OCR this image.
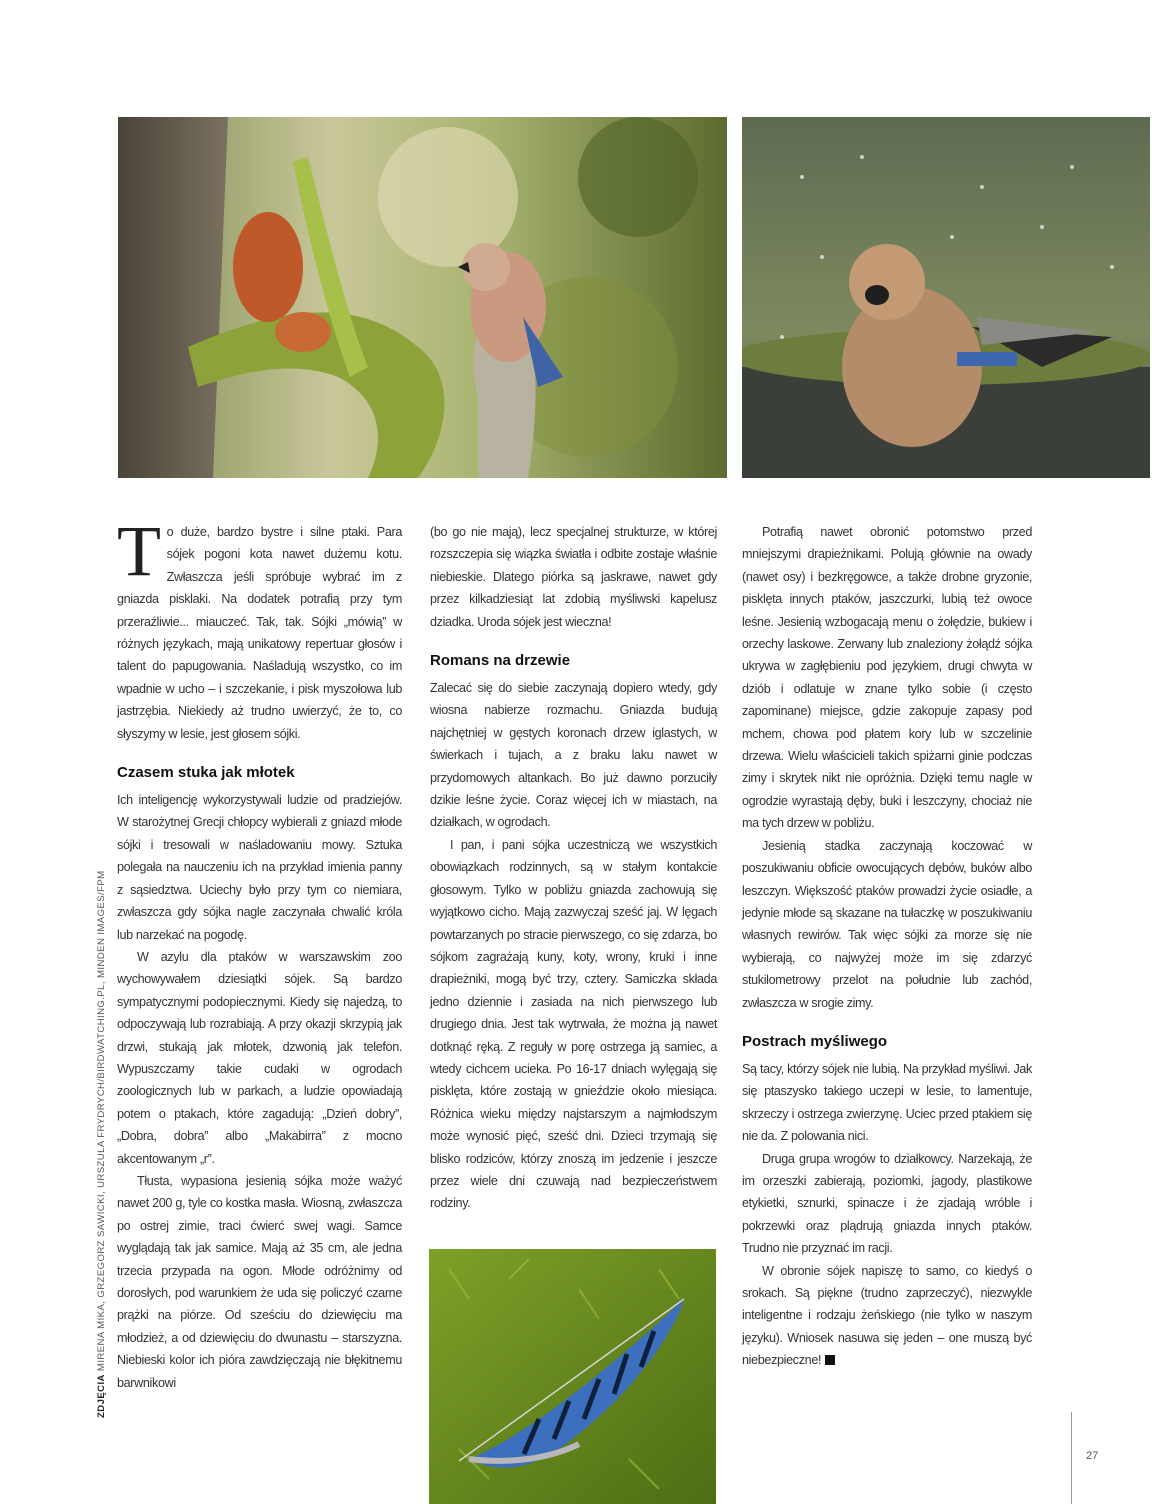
To duże, bardzo bystre i silne ptaki. Para sójek pogoni kota nawet dużemu kotu. Zwłaszcza jeśli spróbuje wybrać im z gniazda pisklaki. Na dodatek potrafią przy tym przeraźliwie... miauczeć. Tak, tak. Sójki „mówią” w różnych językach, mają unikatowy repertuar głosów i talent do papugowania. Naśladują wszystko, co im wpadnie w ucho – i szczekanie, i pisk myszołowa lub jastrzębia. Niekiedy aż trudno uwierzyć, że to, co słyszymy w lesie, jest głosem sójki.

Czasem stuka jak młotek

Ich inteligencję wykorzystywali ludzie od pradziejów. W starożytnej Grecji chłopcy wybierali z gniazd młode sójki i tresowali w naśladowaniu mowy. Sztuka polegała na nauczeniu ich na przykład imienia panny z sąsiedztwa. Uciechy było przy tym co niemiara, zwłaszcza gdy sójka nagle zaczynała chwalić króla lub narzekać na pogodę.

W azylu dla ptaków w warszawskim zoo wychowywałem dziesiątki sójek. Są bardzo sympatycznymi podopiecznymi. Kiedy się najedzą, to odpoczywają lub rozrabiają. A przy okazji skrzypią jak drzwi, stukają jak młotek, dzwonią jak telefon. Wypuszczamy takie cudaki w ogrodach zoologicznych lub w parkach, a ludzie opowiadają potem o ptakach, które zagadują: „Dzień dobry”, „Dobra, dobra” albo „Makabirra” z mocno akcentowanym „r”.

Tłusta, wypasiona jesienią sójka może ważyć nawet 200 g, tyle co kostka masła. Wiosną, zwłaszcza po ostrej zimie, traci ćwierć swej wagi. Samce wyglądają tak jak samice. Mają aż 35 cm, ale jedna trzecia przypada na ogon. Młode odróżnimy od dorosłych, pod warunkiem że uda się policzyć czarne prążki na piórze. Od sześciu do dziewięciu ma młodzież, a od dziewięciu do dwunastu – starszyzna. Niebieski kolor ich pióra zawdzięczają nie błękitnemu barwnikowi

(bo go nie mają), lecz specjalnej strukturze, w której rozszczepia się wiązka światła i odbite zostaje właśnie niebieskie. Dlatego piórka są jaskrawe, nawet gdy przez kilkadziesiąt lat zdobią myśliwski kapelusz dziadka. Uroda sójek jest wieczna!

Romans na drzewie

Zalecać się do siebie zaczynają dopiero wtedy, gdy wiosna nabierze rozmachu. Gniazda budują najchętniej w gęstych koronach drzew iglastych, w świerkach i tujach, a z braku laku nawet w przydomowych altankach. Bo już dawno porzuciły dzikie leśne życie. Coraz więcej ich w miastach, na działkach, w ogrodach.

I pan, i pani sójka uczestniczą we wszystkich obowiązkach rodzinnych, są w stałym kontakcie głosowym. Tylko w pobliżu gniazda zachowują się wyjątkowo cicho. Mają zazwyczaj sześć jaj. W lęgach powtarzanych po stracie pierwszego, co się zdarza, bo sójkom zagrażają kuny, koty, wrony, kruki i inne drapieżniki, mogą być trzy, cztery. Samiczka składa jedno dziennie i zasiada na nich pierwszego lub drugiego dnia. Jest tak wytrwała, że można ją nawet dotknąć ręką. Z reguły w porę ostrzega ją samiec, a wtedy cichcem ucieka. Po 16-17 dniach wylęgają się pisklęta, które zostają w gnieździe około miesiąca. Różnica wieku między najstarszym a najmłodszym może wynosić pięć, sześć dni. Dzieci trzymają się blisko rodziców, którzy znoszą im jedzenie i jeszcze przez wiele dni czuwają nad bezpieczeństwem rodziny.

Potrafią nawet obronić potomstwo przed mniejszymi drapieżnikami. Polują głównie na owady (nawet osy) i bezkręgowce, a także drobne gryzonie, pisklęta innych ptaków, jaszczurki, lubią też owoce leśne. Jesienią wzbogacają menu o żołędzie, bukiew i orzechy laskowe. Zerwany lub znaleziony żołądź sójka ukrywa w zagłębieniu pod językiem, drugi chwyta w dziób i odlatuje w znane tylko sobie (i często zapominane) miejsce, gdzie zakopuje zapasy pod mchem, chowa pod płatem kory lub w szczelinie drzewa. Wielu właścicieli takich spiżarni ginie podczas zimy i skrytek nikt nie opróżnia. Dzięki temu nagle w ogrodzie wyrastają dęby, buki i leszczyny, chociaż nie ma tych drzew w pobliżu.

Jesienią stadka zaczynają koczować w poszukiwaniu obficie owocujących dębów, buków albo leszczyn. Większość ptaków prowadzi życie osiadłe, a jedynie młode są skazane na tułaczkę w poszukiwaniu własnych rewirów. Tak więc sójki za morze się nie wybierają, co najwyżej może im się zdarzyć stukilometrowy przelot na południe lub zachód, zwłaszcza w srogie zimy.

Postrach myśliwego

Są tacy, którzy sójek nie lubią. Na przykład myśliwi. Jak się ptaszysko takiego uczepi w lesie, to lamentuje, skrzeczy i ostrzega zwierzynę. Uciec przed ptakiem się nie da. Z polowania nici.

Druga grupa wrogów to działkowcy. Narzekają, że im orzeszki zabierają, poziomki, jagody, plastikowe etykietki, sznurki, spinacze i że zjadają wróble i pokrzewki oraz plądrują gniazda innych ptaków. Trudno nie przyznać im racji.

W obronie sójek napiszę to samo, co kiedyś o srokach. Są piękne (trudno zaprzeczyć), niezwykle inteligentne i rodzaju żeńskiego (nie tylko w naszym języku). Wniosek nasuwa się jeden – one muszą być niebezpieczne!

ZDJĘCIA MIRENA MIKA, GRZEGORZ SAWICKI, URSZULA FRYDRYCH/BIRDWATCHING.PL, MINDEN IMAGES/FPM
27
